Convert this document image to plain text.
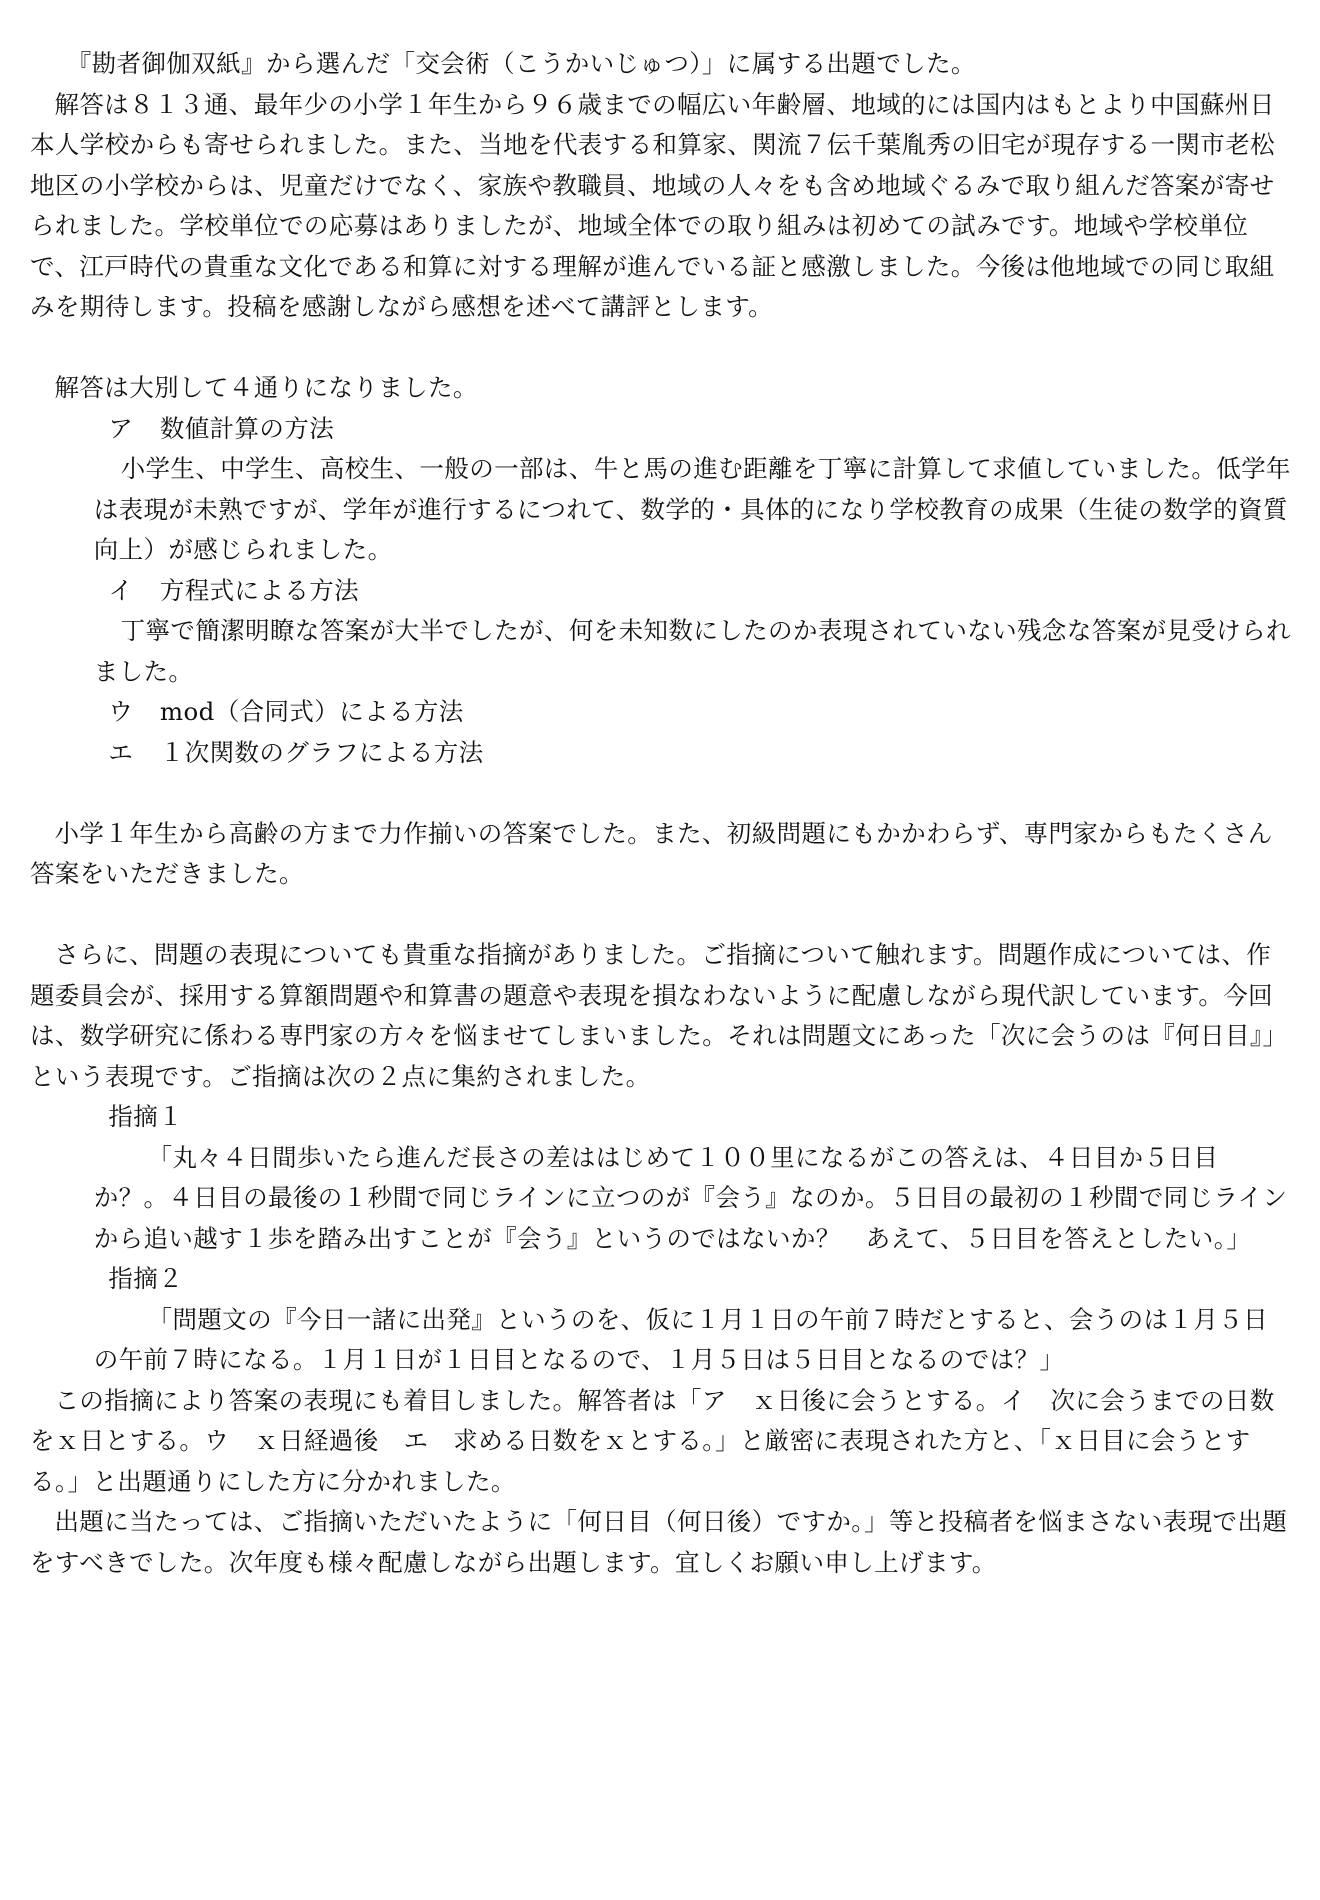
『勘者御伽双紙』から選んだ「交会術（こうかいじゅつ）」に属する出題でした。

解答は８１３通、最年少の小学１年生から９６歳までの幅広い年齢層、地域的には国内はもとより中国蘇州日本人学校からも寄せられました。また、当地を代表する和算家、関流７伝千葉胤秀の旧宅が現存する一関市老松地区の小学校からは、児童だけでなく、家族や教職員、地域の人々をも含め地域ぐるみで取り組んだ答案が寄せられました。学校単位での応募はありましたが、地域全体での取り組みは初めての試みです。地域や学校単位で、江戸時代の貴重な文化である和算に対する理解が進んでいる証と感激しました。今後は他地域での同じ取組みを期待します。投稿を感謝しながら感想を述べて講評とします。

解答は大別して４通りになりました。

ア 数値計算の方法

小学生、中学生、高校生、一般の一部は、牛と馬の進む距離を丁寧に計算して求値していました。低学年は表現が未熟ですが、学年が進行するにつれて、数学的・具体的になり学校教育の成果（生徒の数学的資質向上）が感じられました。

イ 方程式による方法

丁寧で簡潔明瞭な答案が大半でしたが、何を未知数にしたのか表現されていない残念な答案が見受けられました。

ウ mod（合同式）による方法

エ １次関数のグラフによる方法

小学１年生から高齢の方まで力作揃いの答案でした。また、初級問題にもかかわらず、専門家からもたくさん答案をいただきました。

さらに、問題の表現についても貴重な指摘がありました。ご指摘について触れます。問題作成については、作題委員会が、採用する算額問題や和算書の題意や表現を損なわないように配慮しながら現代訳しています。今回は、数学研究に係わる専門家の方々を悩ませてしまいました。それは問題文にあった「次に会うのは『何日目』」という表現です。ご指摘は次の２点に集約されました。

指摘１

「丸々４日間歩いたら進んだ長さの差ははじめて１００里になるがこの答えは、４日目か５日目か？。４日目の最後の１秒間で同じラインに立つのが『会う』なのか。５日目の最初の１秒間で同じラインから追い越す１歩を踏み出すことが『会う』というのではないか？　あえて、５日目を答えとしたい。」

指摘２

「問題文の『今日一諸に出発』というのを、仮に１月１日の午前７時だとすると、会うのは１月５日の午前７時になる。１月１日が１日目となるので、１月５日は５日目となるのでは？」

この指摘により答案の表現にも着目しました。解答者は「ア　ｘ日後に会うとする。イ　次に会うまでの日数をｘ日とする。ウ　ｘ日経過後　エ　求める日数をｘとする。」と厳密に表現された方と、「ｘ日目に会うとする。」と出題通りにした方に分かれました。

出題に当たっては、ご指摘いただいたように「何日目（何日後）ですか。」等と投稿者を悩まさない表現で出題をすべきでした。次年度も様々配慮しながら出題します。宜しくお願い申し上げます。
